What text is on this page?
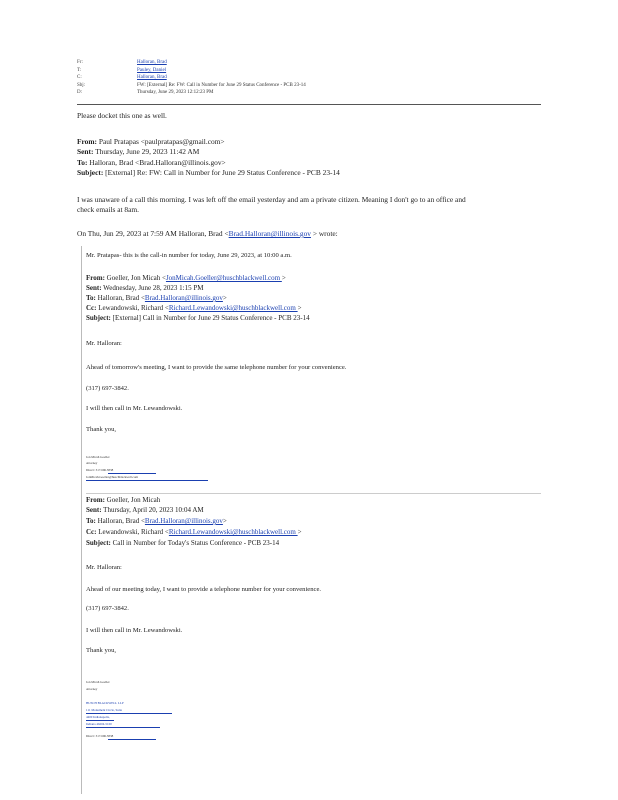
Fr:	Halloran, Brad
T:	Pauley, Daniel
C:	Halloran, Brad
Sbj:	FW: [External] Re: FW: Call in Number for June 29 Status Conference - PCB 23-14
D:	Thursday, June 29, 2023 12:12:23 PM
Please docket this one as well.
From: Paul Pratapas <paulpratapas@gmail.com>
Sent: Thursday, June 29, 2023 11:42 AM
To: Halloran, Brad <Brad.Halloran@illinois.gov>
Subject: [External] Re: FW: Call in Number for June 29 Status Conference - PCB 23-14
I was unaware of a call this morning. I was left off the email yesterday and am a private citizen. Meaning I don't go to an office and
check emails at 8am.
On Thu, Jun 29, 2023 at 7:59 AM Halloran, Brad <Brad.Halloran@illinois.gov > wrote:
Mr. Pratapas- this is the call-in number for today, June 29, 2023, at 10:00 a.m.
From: Goeller, Jon Micah <JonMicah.Goeller@huschblackwell.com >
Sent: Wednesday, June 28, 2023 1:15 PM
To: Halloran, Brad <Brad.Halloran@illinois.gov>
Cc: Lewandowski, Richard <Richard.Lewandowski@huschblackwell.com >
Subject: [External] Call in Number for June 29 Status Conference - PCB 23-14
Mr. Halloran:
Ahead of tomorrow's meeting, I want to provide the same telephone number for your convenience.
(317) 697-3842.
I will then call in Mr. Lewandowski.
Thank you,
Jon Micah Goeller
Attorney
Direct: 317.696.3838
JonMicah.Goeller@huschblackwell.com
From: Goeller, Jon Micah
Sent: Thursday, April 20, 2023 10:04 AM
To: Halloran, Brad <Brad.Halloran@illinois.gov>
Cc: Lewandowski, Richard <Richard.Lewandowski@huschblackwell.com >
Subject: Call in Number for Today's Status Conference - PCB 23-14
Mr. Halloran:
Ahead of our meeting today, I want to provide a telephone number for your convenience.
(317) 697-3842.
I will then call in Mr. Lewandowski.
Thank you,
Jon Micah Goeller
Attorney
HUSCH BLACKWELL LLP
111 Monument Circle, Suite
4400 Indianapolis,
Indiana 46204-5100
Direct: 317.696.3838
